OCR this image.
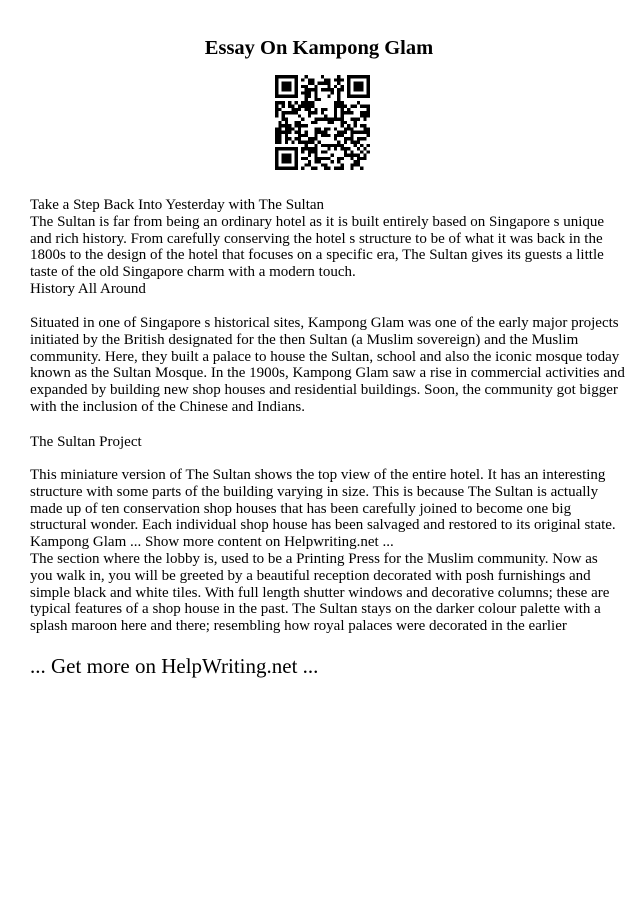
Essay On Kampong Glam
Take a Step Back Into Yesterday with The Sultan
The Sultan is far from being an ordinary hotel as it is built entirely based on Singapore s unique
and rich history. From carefully conserving the hotel s structure to be of what it was back in the
1800s to the design of the hotel that focuses on a specific era, The Sultan gives its guests a little
taste of the old Singapore charm with a modern touch.
History All Around
Situated in one of Singapore s historical sites, Kampong Glam was one of the early major projects
initiated by the British designated for the then Sultan (a Muslim sovereign) and the Muslim
community. Here, they built a palace to house the Sultan, school and also the iconic mosque today
known as the Sultan Mosque. In the 1900s, Kampong Glam saw a rise in commercial activities and
expanded by building new shop houses and residential buildings. Soon, the community got bigger
with the inclusion of the Chinese and Indians.
The Sultan Project
This miniature version of The Sultan shows the top view of the entire hotel. It has an interesting
structure with some parts of the building varying in size. This is because The Sultan is actually
made up of ten conservation shop houses that has been carefully joined to become one big
structural wonder. Each individual shop house has been salvaged and restored to its original state.
Kampong Glam ... Show more content on Helpwriting.net ...
The section where the lobby is, used to be a Printing Press for the Muslim community. Now as
you walk in, you will be greeted by a beautiful reception decorated with posh furnishings and
simple black and white tiles. With full length shutter windows and decorative columns; these are
typical features of a shop house in the past. The Sultan stays on the darker colour palette with a
splash maroon here and there; resembling how royal palaces were decorated in the earlier
... Get more on HelpWriting.net ...
